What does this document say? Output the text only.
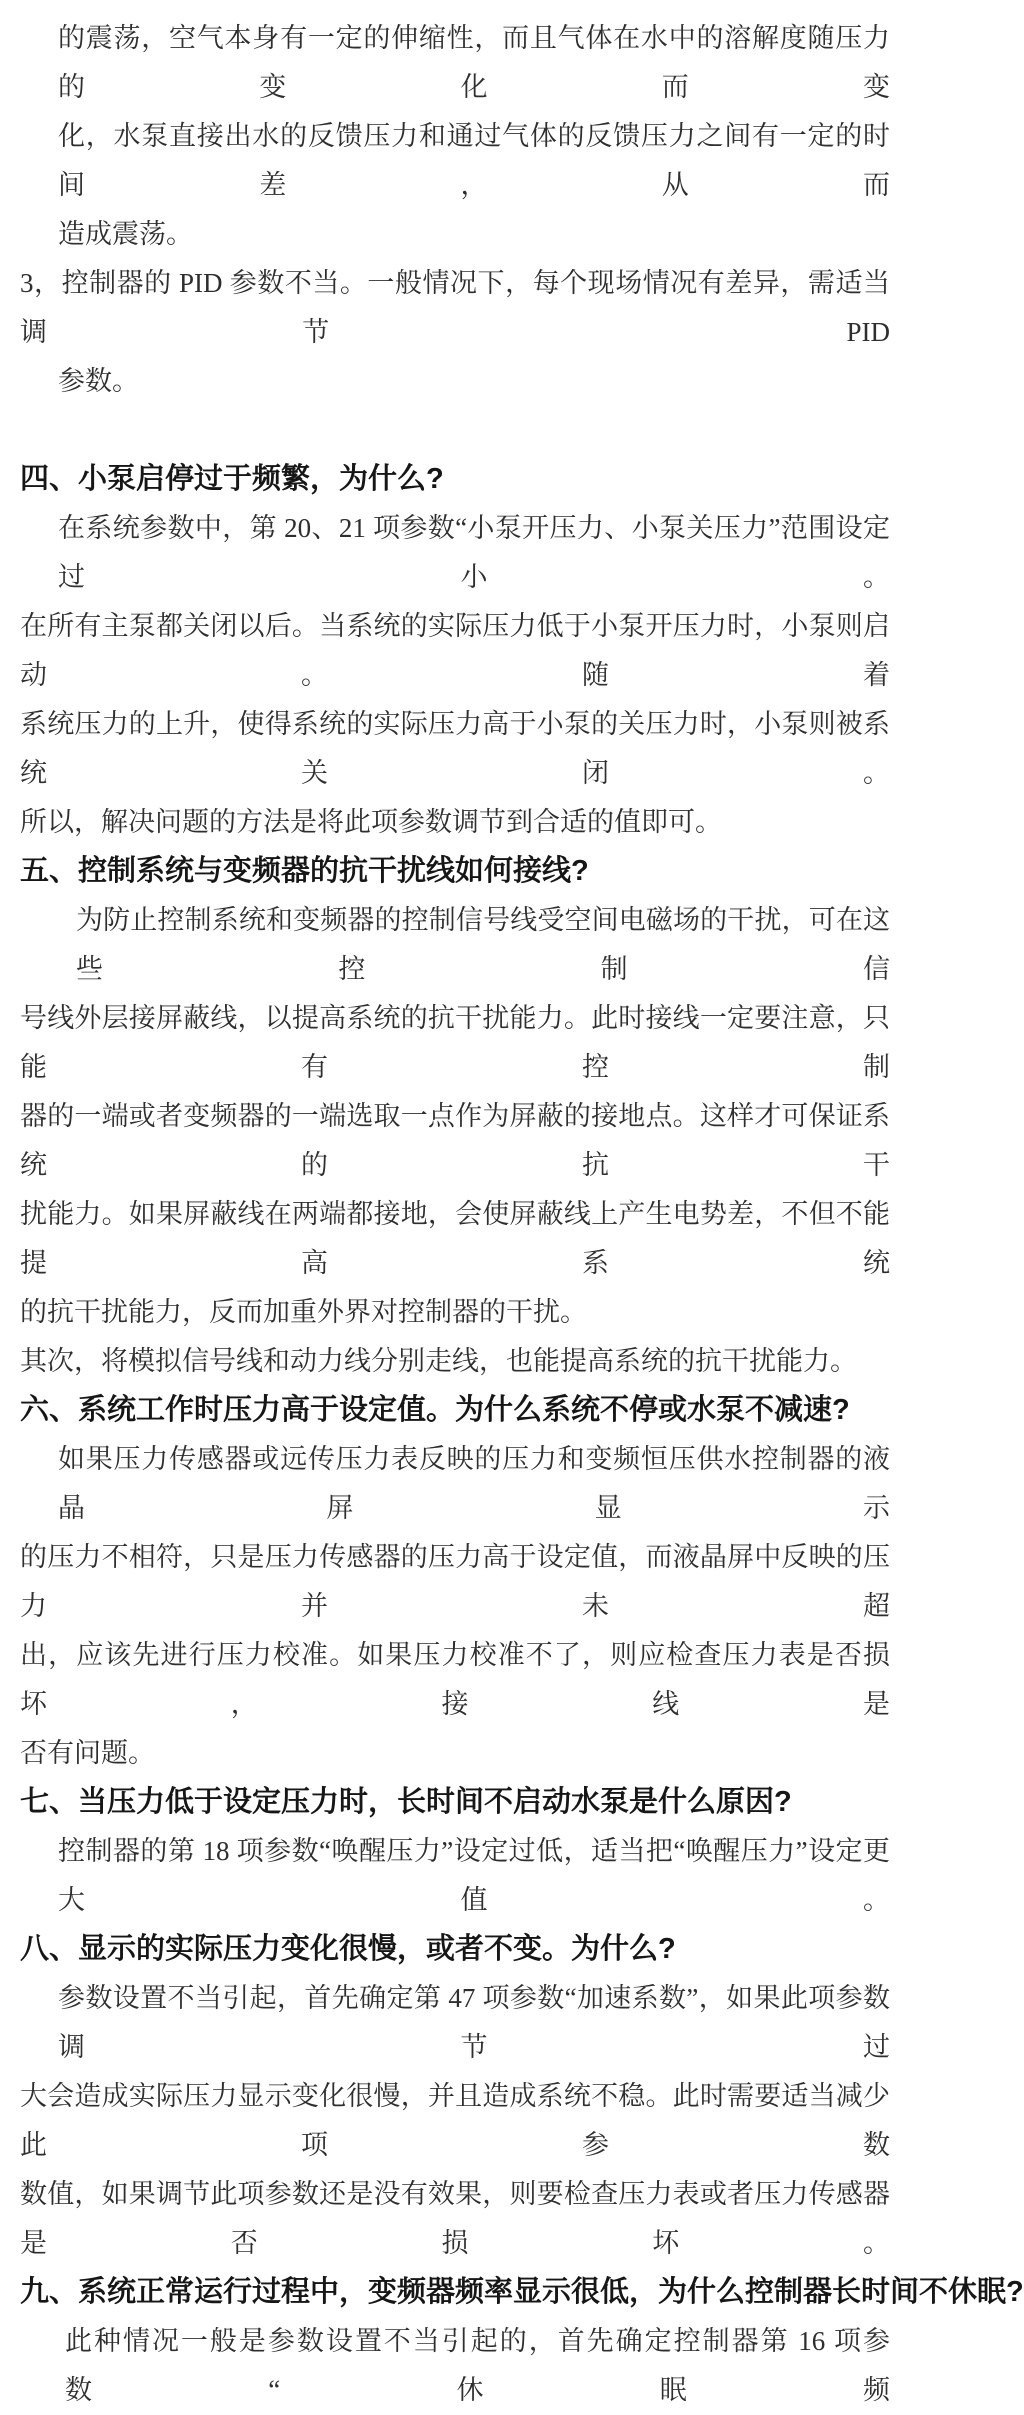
的震荡，空气本身有一定的伸缩性，而且气体在水中的溶解度随压力的变化而变
化，水泵直接出水的反馈压力和通过气体的反馈压力之间有一定的时间差，从而
造成震荡。
3，控制器的 PID 参数不当。一般情况下，每个现场情况有差异，需适当调节 PID
参数。
四、小泵启停过于频繁，为什么?
在系统参数中，第 20、21 项参数“小泵开压力、小泵关压力”范围设定过小。
在所有主泵都关闭以后。当系统的实际压力低于小泵开压力时，小泵则启动。随着
系统压力的上升，使得系统的实际压力高于小泵的关压力时，小泵则被系统关闭。
所以，解决问题的方法是将此项参数调节到合适的值即可。
五、控制系统与变频器的抗干扰线如何接线?
为防止控制系统和变频器的控制信号线受空间电磁场的干扰，可在这些控制信
号线外层接屏蔽线，以提高系统的抗干扰能力。此时接线一定要注意，只能有控制
器的一端或者变频器的一端选取一点作为屏蔽的接地点。这样才可保证系统的抗干
扰能力。如果屏蔽线在两端都接地，会使屏蔽线上产生电势差，不但不能提高系统
的抗干扰能力，反而加重外界对控制器的干扰。
其次，将模拟信号线和动力线分别走线，也能提高系统的抗干扰能力。
六、系统工作时压力高于设定值。为什么系统不停或水泵不减速?
如果压力传感器或远传压力表反映的压力和变频恒压供水控制器的液晶屏显示
的压力不相符，只是压力传感器的压力高于设定值，而液晶屏中反映的压力并未超
出，应该先进行压力校准。如果压力校准不了，则应检查压力表是否损坏，接线是
否有问题。
七、当压力低于设定压力时，长时间不启动水泵是什么原因?
控制器的第 18 项参数“唤醒压力”设定过低，适当把“唤醒压力”设定更大值。
八、显示的实际压力变化很慢，或者不变。为什么?
参数设置不当引起，首先确定第 47 项参数“加速系数”，如果此项参数调节过
大会造成实际压力显示变化很慢，并且造成系统不稳。此时需要适当减少此项参数
数值，如果调节此项参数还是没有效果，则要检查压力表或者压力传感器是否损坏。
九、系统正常运行过程中，变频器频率显示很低，为什么控制器长时间不休眠?
此种情况一般是参数设置不当引起的，首先确定控制器第 16 项参数“休眠频
